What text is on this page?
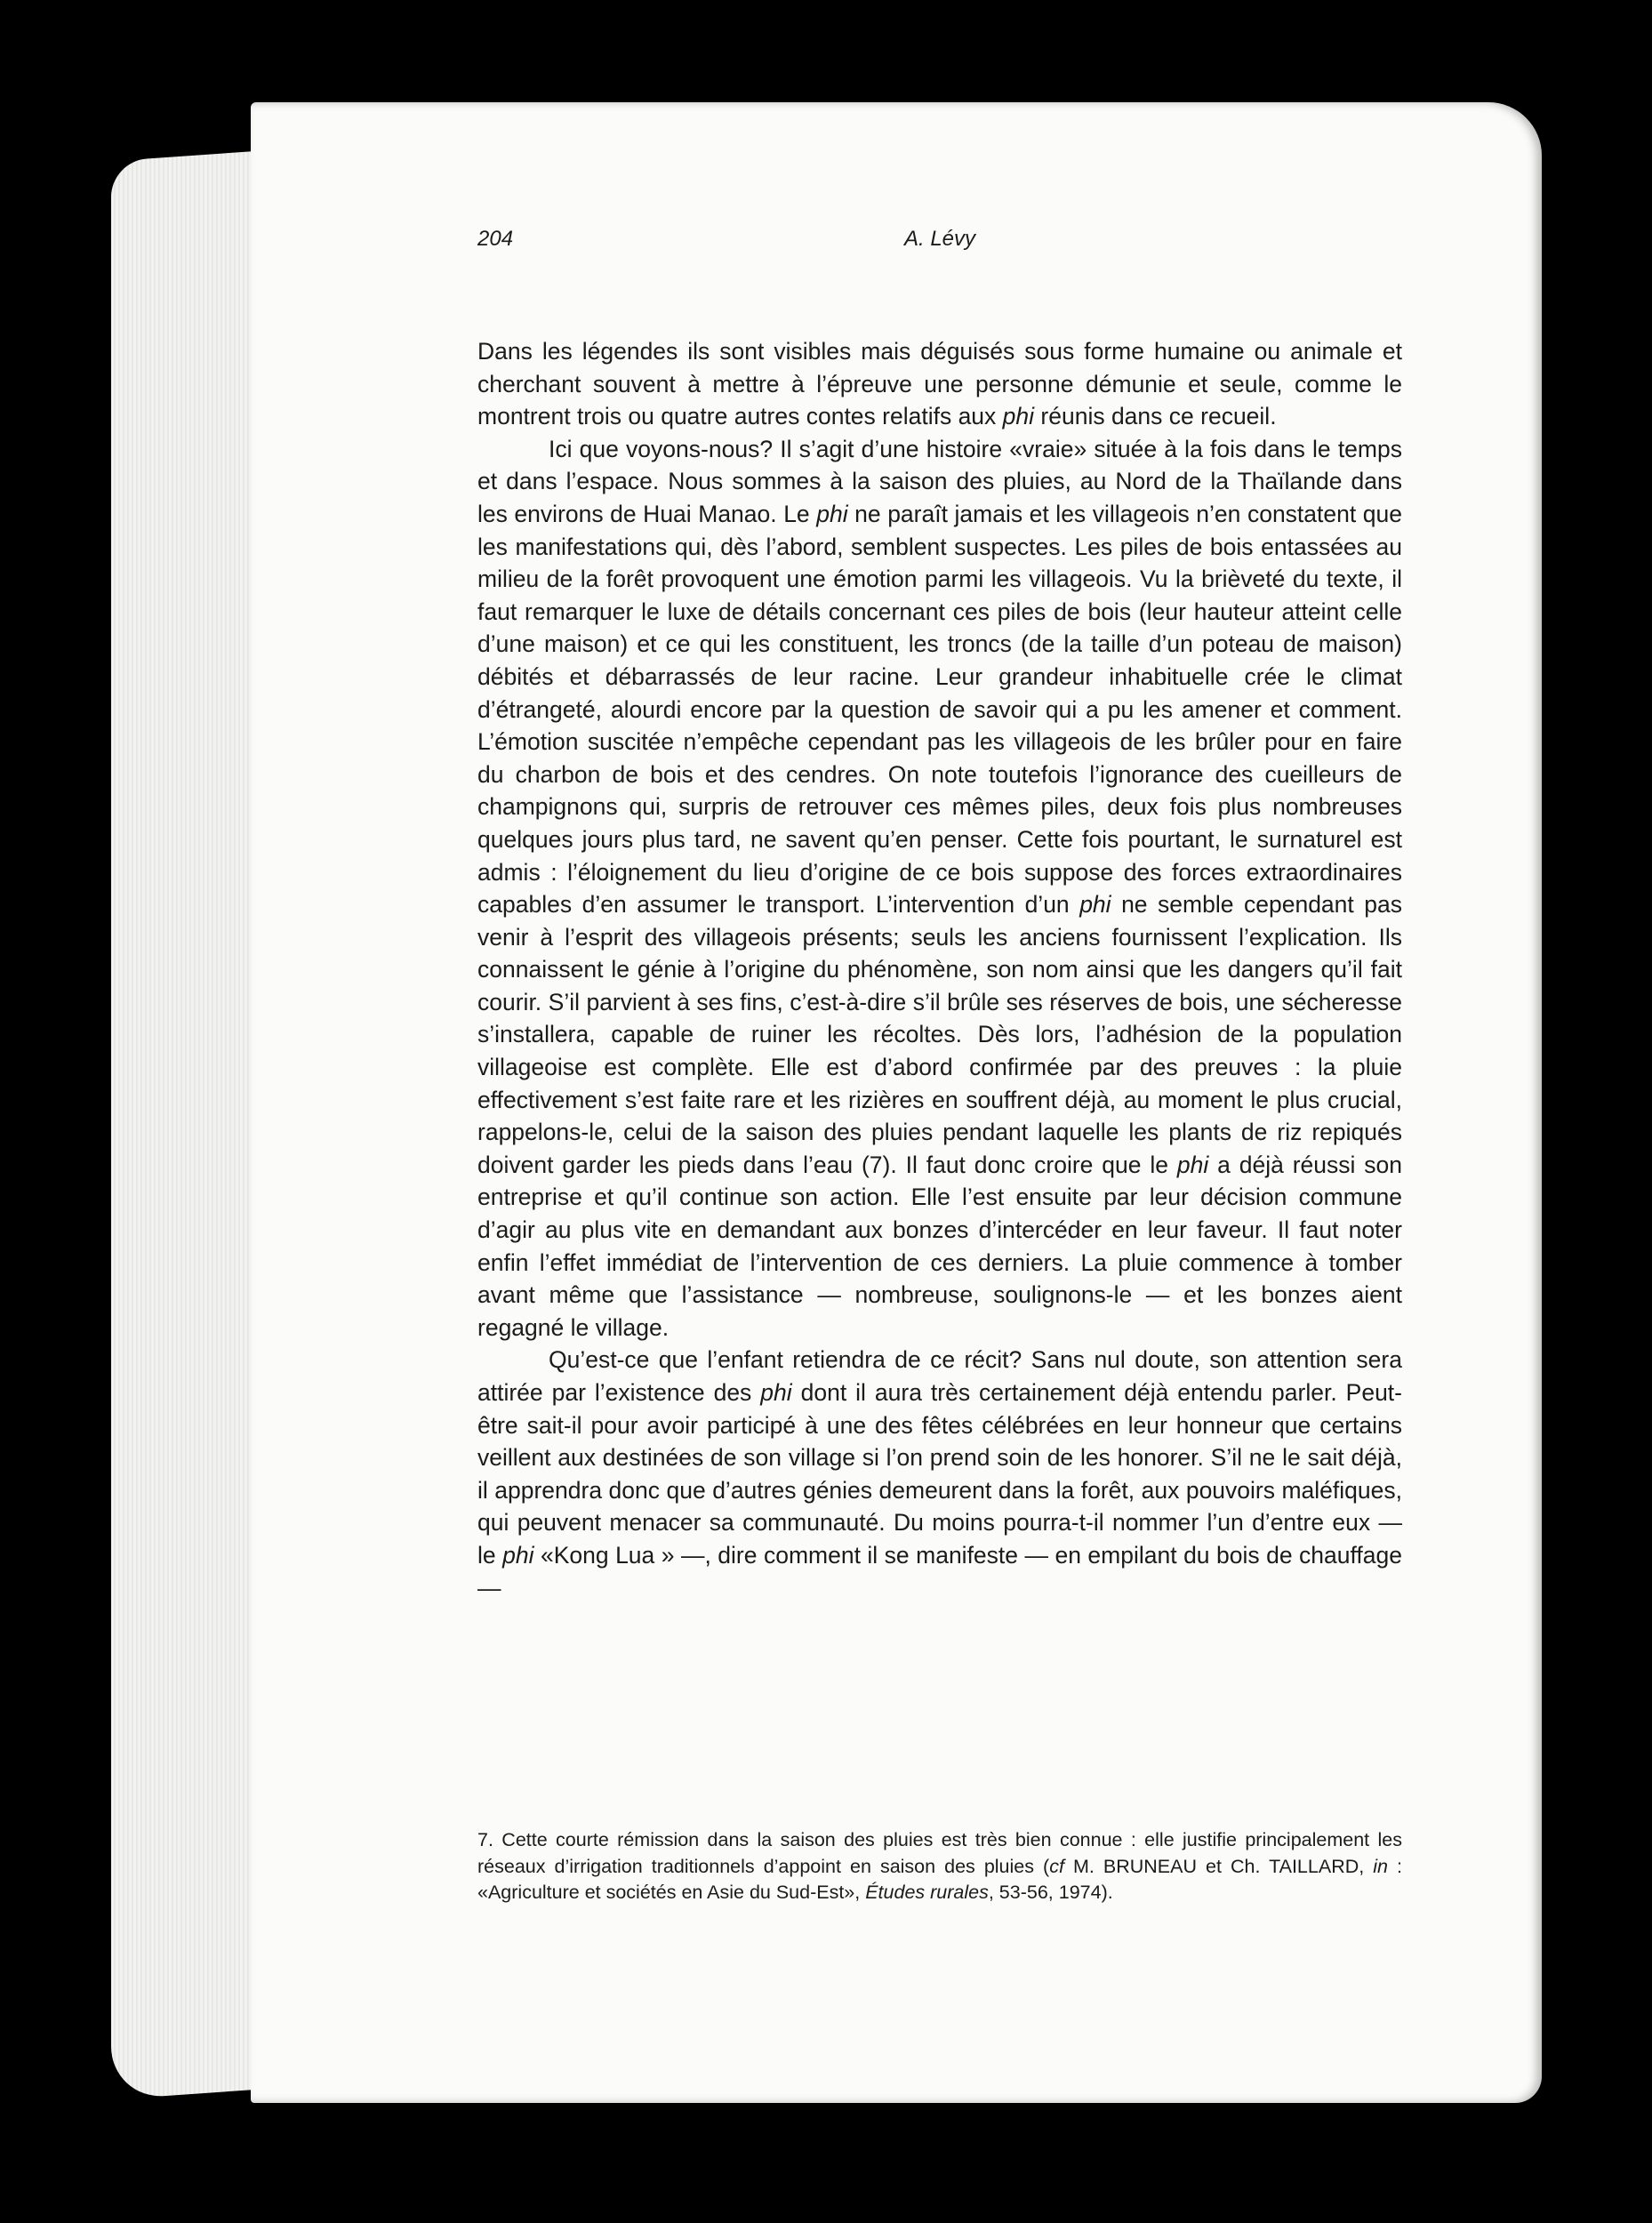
204	A. Lévy

Dans les légendes ils sont visibles mais déguisés sous forme humaine ou animale et cherchant souvent à mettre à l’épreuve une personne démunie et seule, comme le montrent trois ou quatre autres contes relatifs aux phi réunis dans ce recueil.

Ici que voyons-nous? Il s’agit d’une histoire «vraie» située à la fois dans le temps et dans l’espace. Nous sommes à la saison des pluies, au Nord de la Thaïlande dans les environs de Huai Manao. Le phi ne paraît jamais et les villageois n’en constatent que les manifestations qui, dès l’abord, semblent suspectes. Les piles de bois entassées au milieu de la forêt provoquent une émotion parmi les villageois. Vu la brièveté du texte, il faut remarquer le luxe de détails concernant ces piles de bois (leur hauteur atteint celle d’une maison) et ce qui les constituent, les troncs (de la taille d’un poteau de maison) débités et débarrassés de leur racine. Leur grandeur inhabituelle crée le climat d’étrangeté, alourdi encore par la question de savoir qui a pu les amener et comment. L’émotion suscitée n’empêche cependant pas les villageois de les brûler pour en faire du charbon de bois et des cendres. On note toutefois l’ignorance des cueilleurs de champignons qui, surpris de retrouver ces mêmes piles, deux fois plus nombreuses quelques jours plus tard, ne savent qu’en penser. Cette fois pourtant, le surnaturel est admis : l’éloignement du lieu d’origine de ce bois suppose des forces extraordinaires capables d’en assumer le transport. L’intervention d’un phi ne semble cependant pas venir à l’esprit des villageois présents; seuls les anciens fournissent l’explication. Ils connaissent le génie à l’origine du phénomène, son nom ainsi que les dangers qu’il fait courir. S’il parvient à ses fins, c’est-à-dire s’il brûle ses réserves de bois, une sécheresse s’installera, capable de ruiner les récoltes. Dès lors, l’adhésion de la population villageoise est complète. Elle est d’abord confirmée par des preuves : la pluie effectivement s’est faite rare et les rizières en souffrent déjà, au moment le plus crucial, rappelons-le, celui de la saison des pluies pendant laquelle les plants de riz repiqués doivent garder les pieds dans l’eau (7). Il faut donc croire que le phi a déjà réussi son entreprise et qu’il continue son action. Elle l’est ensuite par leur décision commune d’agir au plus vite en demandant aux bonzes d’intercéder en leur faveur. Il faut noter enfin l’effet immédiat de l’intervention de ces derniers. La pluie commence à tomber avant même que l’assistance — nombreuse, soulignons-le — et les bonzes aient regagné le village.

Qu’est-ce que l’enfant retiendra de ce récit? Sans nul doute, son attention sera attirée par l’existence des phi dont il aura très certainement déjà entendu parler. Peut-être sait-il pour avoir participé à une des fêtes célébrées en leur honneur que certains veillent aux destinées de son village si l’on prend soin de les honorer. S’il ne le sait déjà, il apprendra donc que d’autres génies demeurent dans la forêt, aux pouvoirs maléfiques, qui peuvent menacer sa communauté. Du moins pourra-t-il nommer l’un d’entre eux — le phi «Kong Lua » —, dire comment il se manifeste — en empilant du bois de chauffage —

7. Cette courte rémission dans la saison des pluies est très bien connue : elle justifie principalement les réseaux d’irrigation traditionnels d’appoint en saison des pluies (cf M. BRUNEAU et Ch. TAILLARD, in : «Agriculture et sociétés en Asie du Sud-Est», Études rurales, 53-56, 1974).
